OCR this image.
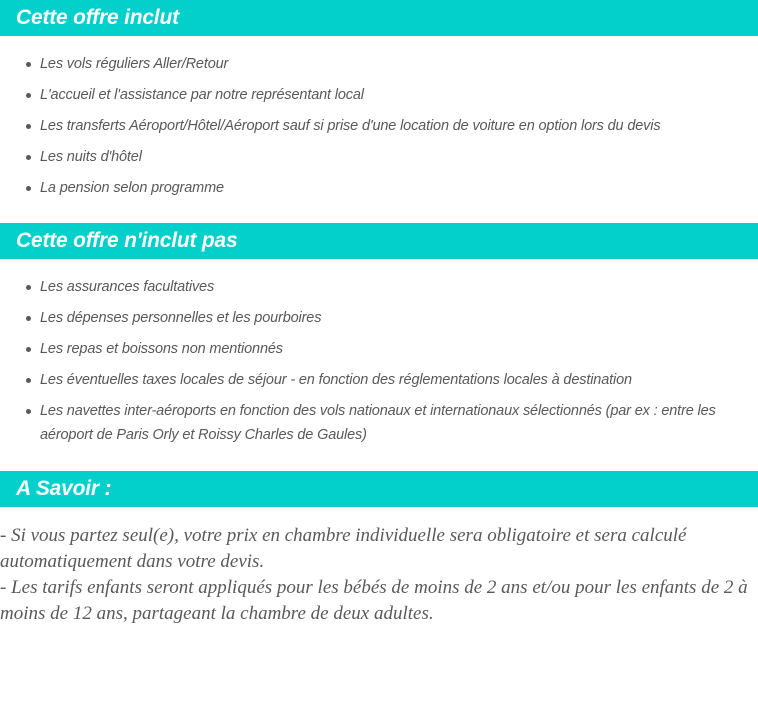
Cette offre inclut
Les vols réguliers Aller/Retour
L'accueil et l'assistance par notre représentant local
Les transferts Aéroport/Hôtel/Aéroport sauf si prise d'une location de voiture en option lors du devis
Les nuits d'hôtel
La pension selon programme
Cette offre n'inclut pas
Les assurances facultatives
Les dépenses personnelles et les pourboires
Les repas et boissons non mentionnés
Les éventuelles taxes locales de séjour - en fonction des réglementations locales à destination
Les navettes inter-aéroports en fonction des vols nationaux et internationaux sélectionnés (par ex : entre les aéroport de Paris Orly et Roissy Charles de Gaules)
A Savoir :
- Si vous partez seul(e), votre prix en chambre individuelle sera obligatoire et sera calculé automatiquement dans votre devis.
- Les tarifs enfants seront appliqués pour les bébés de moins de 2 ans et/ou pour les enfants de 2 à moins de 12 ans, partageant la chambre de deux adultes.
